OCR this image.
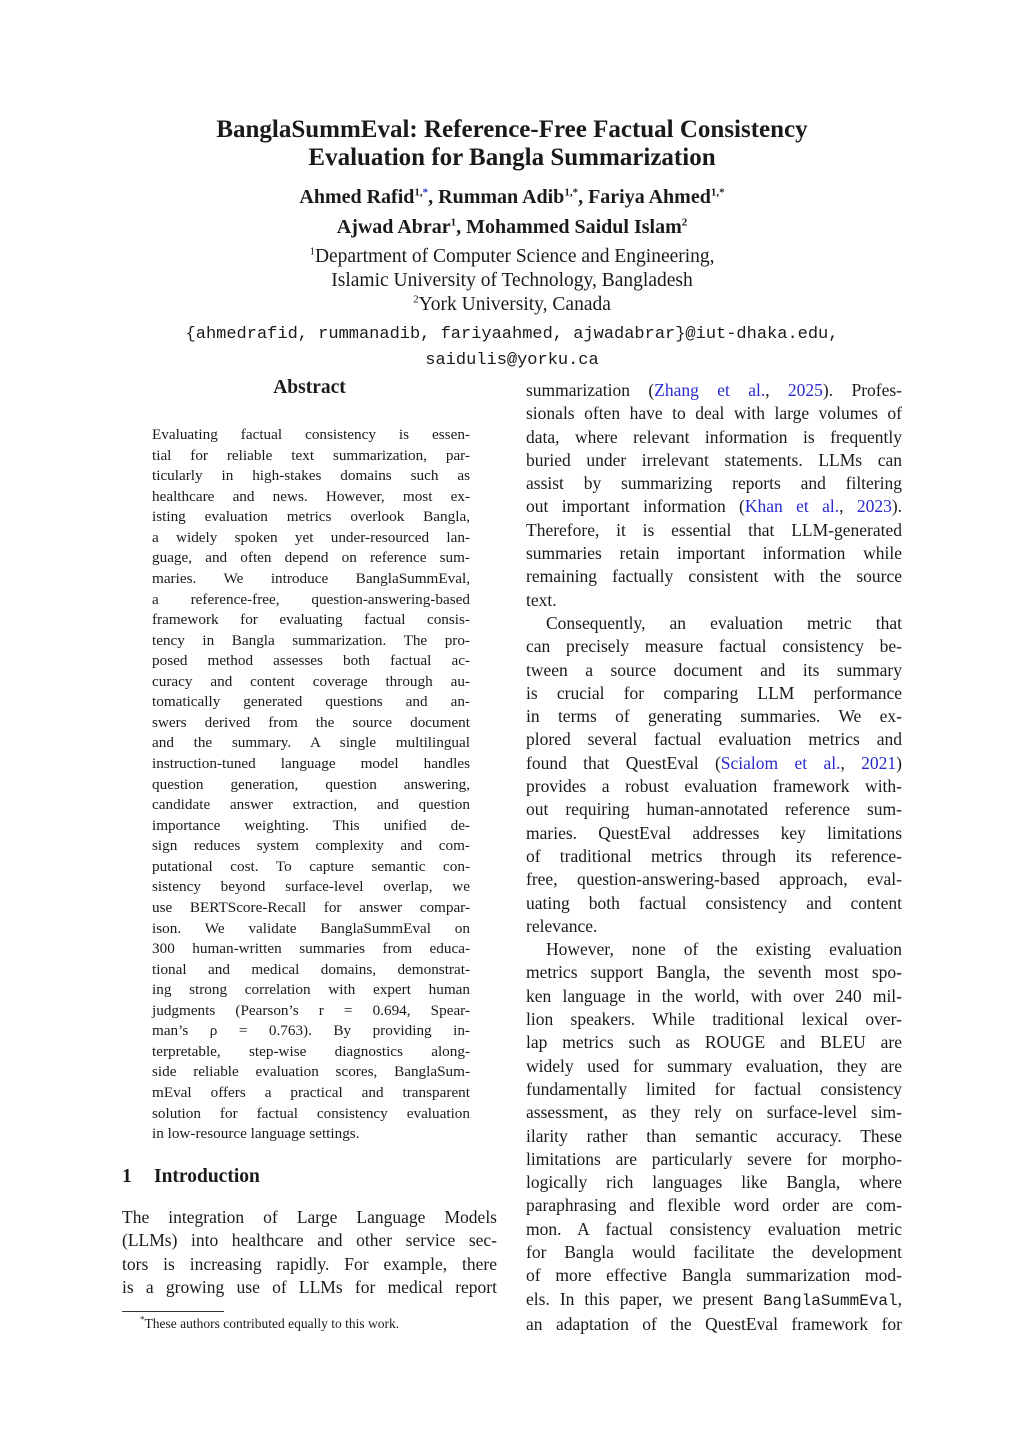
BanglaSummEval: Reference-Free Factual Consistency
Evaluation for Bangla Summarization
Ahmed Rafid$^{1,*}$, Rumman Adib$^{1,*}$, Fariya Ahmed$^{1,*}$
Ajwad Abrar$^1$, Mohammed Saidul Islam$^2$
$^1$Department of Computer Science and Engineering,
Islamic University of Technology, Bangladesh
$^2$York University, Canada
{ahmedrafid, rummanadib, fariyaahmed, ajwadabrar}@iut-dhaka.edu,
saidulis@yorku.ca
Abstract
Evaluating factual consistency is essen-
tial for reliable text summarization, par-
ticularly in high-stakes domains such as
healthcare and news. However, most ex-
isting evaluation metrics overlook Bangla,
a widely spoken yet under-resourced lan-
guage, and often depend on reference sum-
maries. We introduce BanglaSummEval,
a reference-free, question-answering-based
framework for evaluating factual consis-
tency in Bangla summarization. The pro-
posed method assesses both factual ac-
curacy and content coverage through au-
tomatically generated questions and an-
swers derived from the source document
and the summary. A single multilingual
instruction-tuned language model handles
question generation, question answering,
candidate answer extraction, and question
importance weighting. This unified de-
sign reduces system complexity and com-
putational cost. To capture semantic con-
sistency beyond surface-level overlap, we
use BERTScore-Recall for answer compar-
ison. We validate BanglaSummEval on
300 human-written summaries from educa-
tional and medical domains, demonstrat-
ing strong correlation with expert human
judgments (Pearson’s r = 0.694, Spear-
man’s ρ = 0.763). By providing in-
terpretable, step-wise diagnostics along-
side reliable evaluation scores, BanglaSum-
mEval offers a practical and transparent
solution for factual consistency evaluation
in low-resource language settings.
1 Introduction
The integration of Large Language Models
(LLMs) into healthcare and other service sec-
tors is increasing rapidly. For example, there
is a growing use of LLMs for medical report
summarization (Zhang et al., 2025). Profes-
sionals often have to deal with large volumes of
data, where relevant information is frequently
buried under irrelevant statements. LLMs can
assist by summarizing reports and filtering
out important information (Khan et al., 2023).
Therefore, it is essential that LLM-generated
summaries retain important information while
remaining factually consistent with the source
text.
Consequently, an evaluation metric that
can precisely measure factual consistency be-
tween a source document and its summary
is crucial for comparing LLM performance
in terms of generating summaries. We ex-
plored several factual evaluation metrics and
found that QuestEval (Scialom et al., 2021)
provides a robust evaluation framework with-
out requiring human-annotated reference sum-
maries. QuestEval addresses key limitations
of traditional metrics through its reference-
free, question-answering-based approach, eval-
uating both factual consistency and content
relevance.
However, none of the existing evaluation
metrics support Bangla, the seventh most spo-
ken language in the world, with over 240 mil-
lion speakers. While traditional lexical over-
lap metrics such as ROUGE and BLEU are
widely used for summary evaluation, they are
fundamentally limited for factual consistency
assessment, as they rely on surface-level sim-
ilarity rather than semantic accuracy. These
limitations are particularly severe for morpho-
logically rich languages like Bangla, where
paraphrasing and flexible word order are com-
mon. A factual consistency evaluation metric
for Bangla would facilitate the development
of more effective Bangla summarization mod-
els. In this paper, we present BanglaSummEval,
an adaptation of the QuestEval framework for
*These authors contributed equally to this work.
